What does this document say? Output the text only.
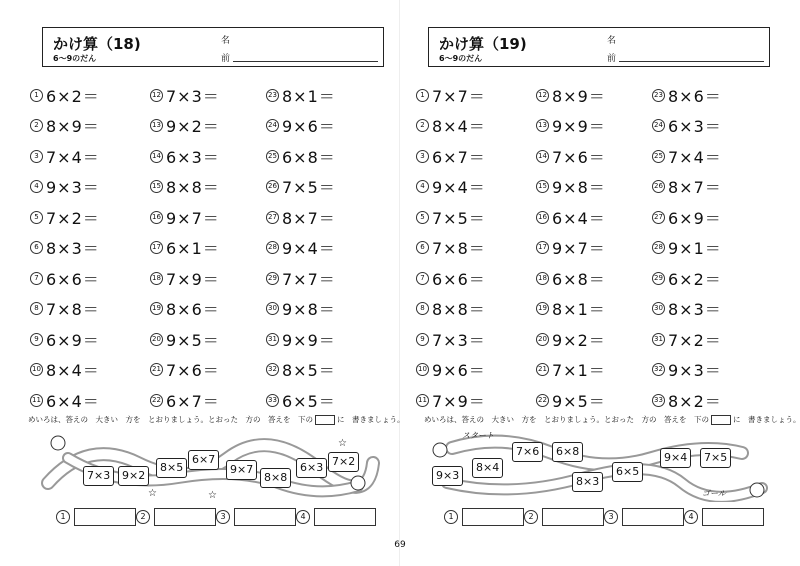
かけ算（18)
6～9のだん
名
前
1 6×2＝
2 8×9＝
3 7×4＝
4 9×3＝
5 7×2＝
6 8×3＝
7 6×6＝
8 7×8＝
9 6×9＝
10 8×4＝
11 6×4＝
12 7×3＝
13 9×2＝
14 6×3＝
15 8×8＝
16 9×7＝
17 6×1＝
18 7×9＝
19 8×6＝
20 9×5＝
21 7×6＝
22 6×7＝
23 8×1＝
24 9×6＝
25 6×8＝
26 7×5＝
27 8×7＝
28 9×4＝
29 7×7＝
30 9×8＝
31 9×9＝
32 8×5＝
33 6×5＝
めいろは、答えの　大きい　方を　とおりましょう。とおった　方の　答えを　下の	に　書きましょう。
☆	☆
☆
7×3	9×2
8×5
6×7
9×7
8×8
6×3 7×2
1	2	3	4
かけ算（19)
6～9のだん
名
前
1 7×7＝
2 8×4＝
3 6×7＝
4 9×4＝
5 7×5＝
6 7×8＝
7 6×6＝
8 8×8＝
9 7×3＝
10 9×6＝
11 7×9＝
12 8×9＝
13 9×9＝
14 7×6＝
15 9×8＝
16 6×4＝
17 9×7＝
18 6×8＝
19 8×1＝
20 9×2＝
21 7×1＝
22 9×5＝
23 8×6＝
24 6×3＝
25 7×4＝
26 8×7＝
27 6×9＝
28 9×1＝
29 6×2＝
30 8×3＝
31 7×2＝
32 9×3＝
33 8×2＝
めいろは、答えの　大きい　方を　とおりましょう。とおった　方の　答えを　下の	に　書きましょう。
スタート
ゴール
9×3
8×4
7×6	6×8
8×3
6×5
9×4	7×5
1	2	3	4
69
